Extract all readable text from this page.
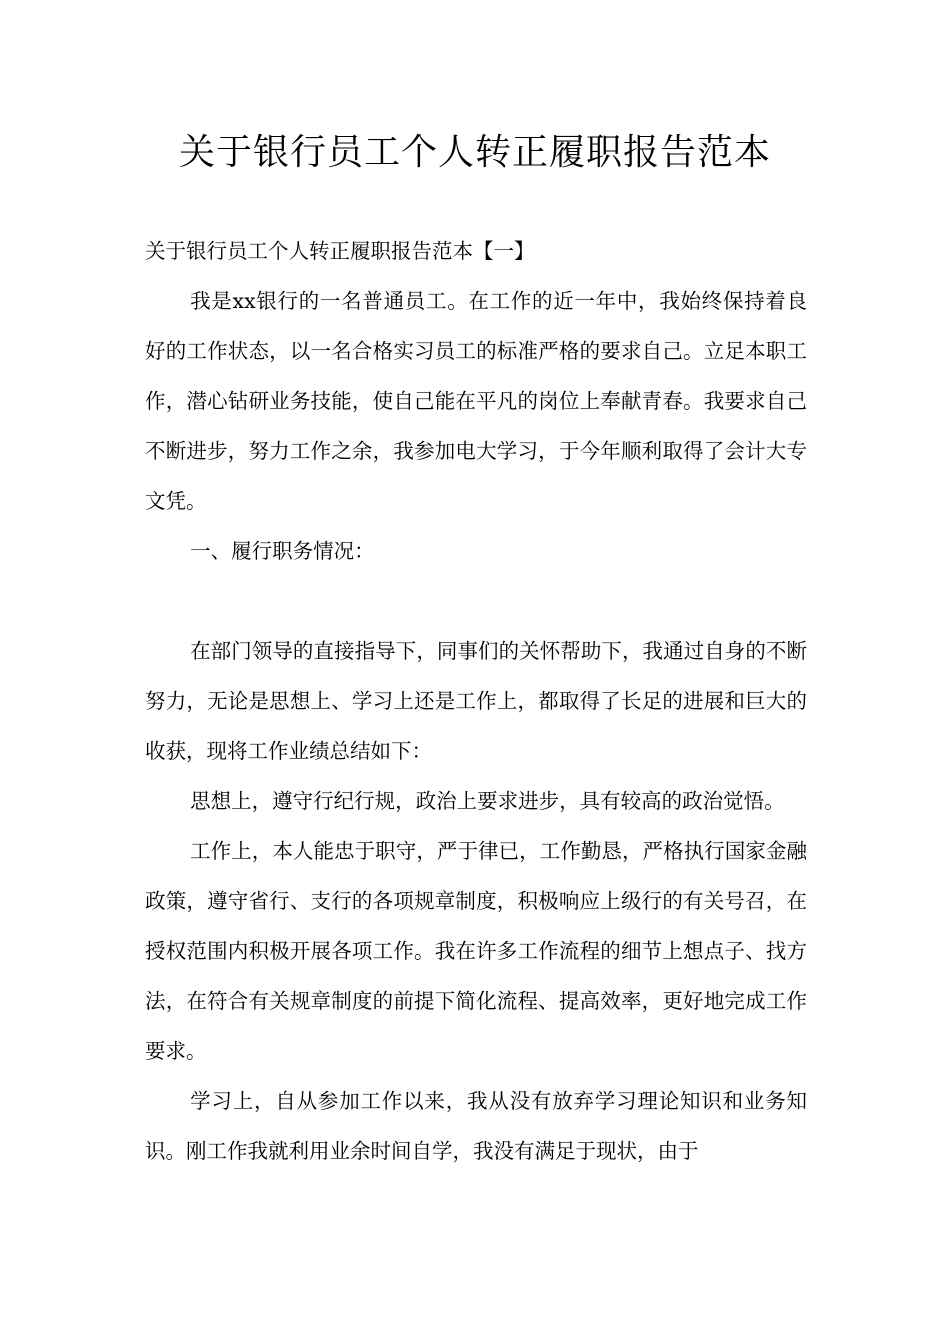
关于银行员工个人转正履职报告范本

关于银行员工个人转正履职报告范本【一】

我是xx银行的一名普通员工。在工作的近一年中，我始终保持着良好的工作状态，以一名合格实习员工的标准严格的要求自己。立足本职工作，潜心钻研业务技能，使自己能在平凡的岗位上奉献青春。我要求自己不断进步，努力工作之余，我参加电大学习，于今年顺利取得了会计大专文凭。

一、履行职务情况：

在部门领导的直接指导下，同事们的关怀帮助下，我通过自身的不断努力，无论是思想上、学习上还是工作上，都取得了长足的进展和巨大的收获，现将工作业绩总结如下：

思想上，遵守行纪行规，政治上要求进步，具有较高的政治觉悟。

工作上，本人能忠于职守，严于律已，工作勤恳，严格执行国家金融政策，遵守省行、支行的各项规章制度，积极响应上级行的有关号召，在授权范围内积极开展各项工作。我在许多工作流程的细节上想点子、找方法，在符合有关规章制度的前提下简化流程、提高效率，更好地完成工作要求。

学习上，自从参加工作以来，我从没有放弃学习理论知识和业务知识。刚工作我就利用业余时间自学，我没有满足于现状，由于
